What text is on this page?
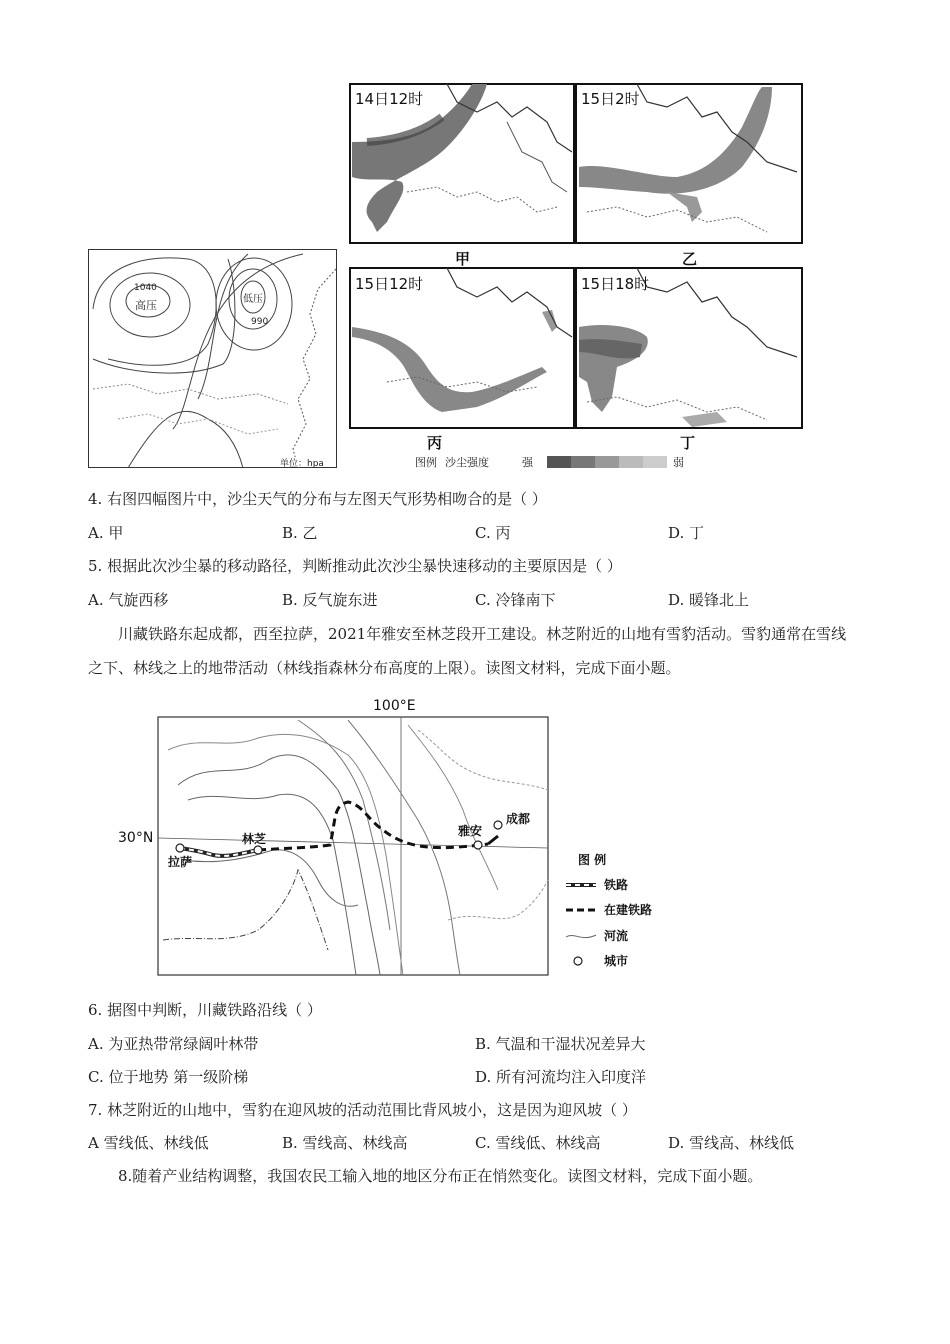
1040
高压	低压
990
单位：hpa
14日12时
甲
15日2时
乙
15日12时
丙
15日18时
丁
图例 沙尘强度	强	弱
4. 右图四幅图片中，沙尘天气的分布与左图天气形势相吻合的是（ ）
A. 甲	B. 乙	C. 丙	D. 丁
5. 根据此次沙尘暴的移动路径，判断推动此次沙尘暴快速移动的主要原因是（ ）
A. 气旋西移	B. 反气旋东进	C. 冷锋南下	D. 暖锋北上
川藏铁路东起成都，西至拉萨，2021年雅安至林芝段开工建设。林芝附近的山地有雪豹活动。雪豹通常在雪线之下、林线之上的地带活动（林线指森林分布高度的上限）。读图文材料，完成下面小题。
拉萨
林芝
雅安
成都
100°E
30°N
图 例
铁路
在建铁路
河流
城市
6. 据图中判断，川藏铁路沿线（ ）
A. 为亚热带常绿阔叶林带	B. 气温和干湿状况差异大
C. 位于地势 第一级阶梯	D. 所有河流均注入印度洋
7. 林芝附近的山地中，雪豹在迎风坡的活动范围比背风坡小，这是因为迎风坡（ ）
A 雪线低、林线低	B. 雪线高、林线高	C. 雪线低、林线高	D. 雪线高、林线低
8.随着产业结构调整，我国农民工输入地的地区分布正在悄然变化。读图文材料，完成下面小题。
